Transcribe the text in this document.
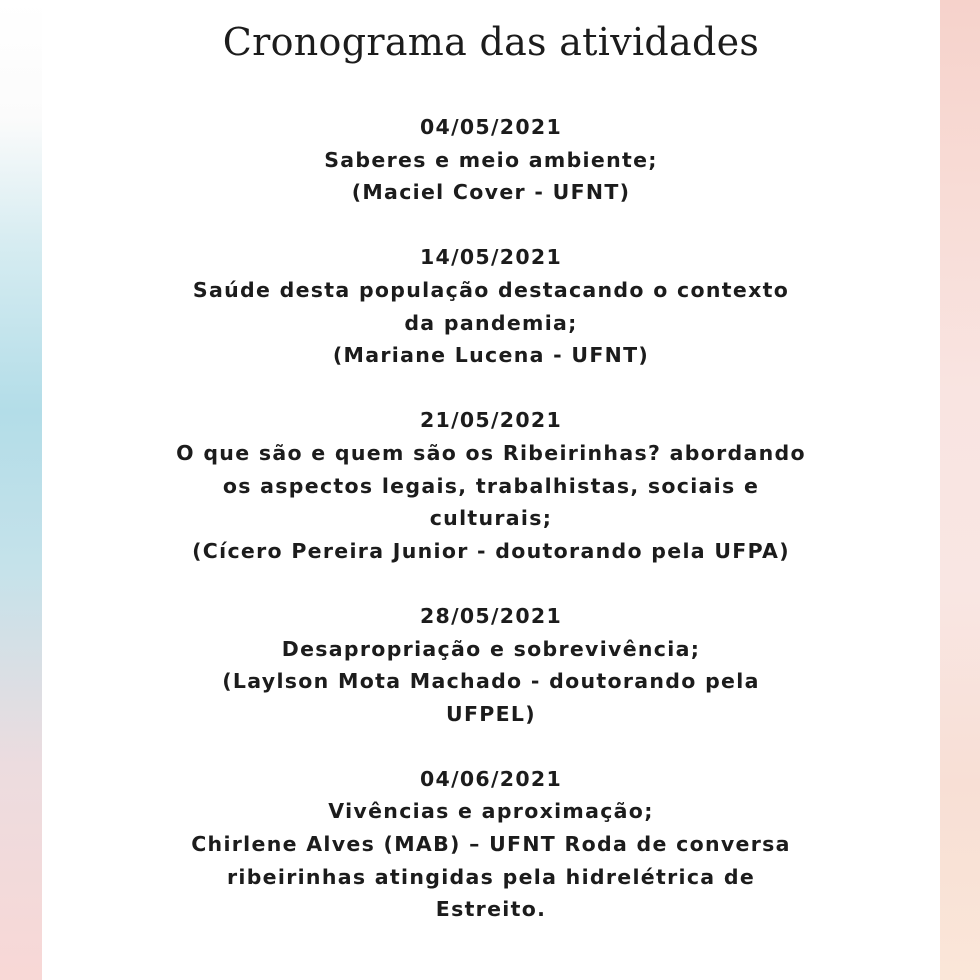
Cronograma das atividades
04/05/2021
Saberes e meio ambiente;
(Maciel Cover - UFNT)
14/05/2021
Saúde desta população destacando o contexto
da pandemia;
(Mariane Lucena - UFNT)
21/05/2021
O que são e quem são os Ribeirinhas? abordando
os aspectos legais, trabalhistas, sociais e
culturais;
(Cícero Pereira Junior - doutorando pela UFPA)
28/05/2021
Desapropriação e sobrevivência;
(Laylson Mota Machado - doutorando pela
UFPEL)
04/06/2021
Vivências e aproximação;
Chirlene Alves (MAB) – UFNT Roda de conversa
ribeirinhas atingidas pela hidrelétrica de
Estreito.
